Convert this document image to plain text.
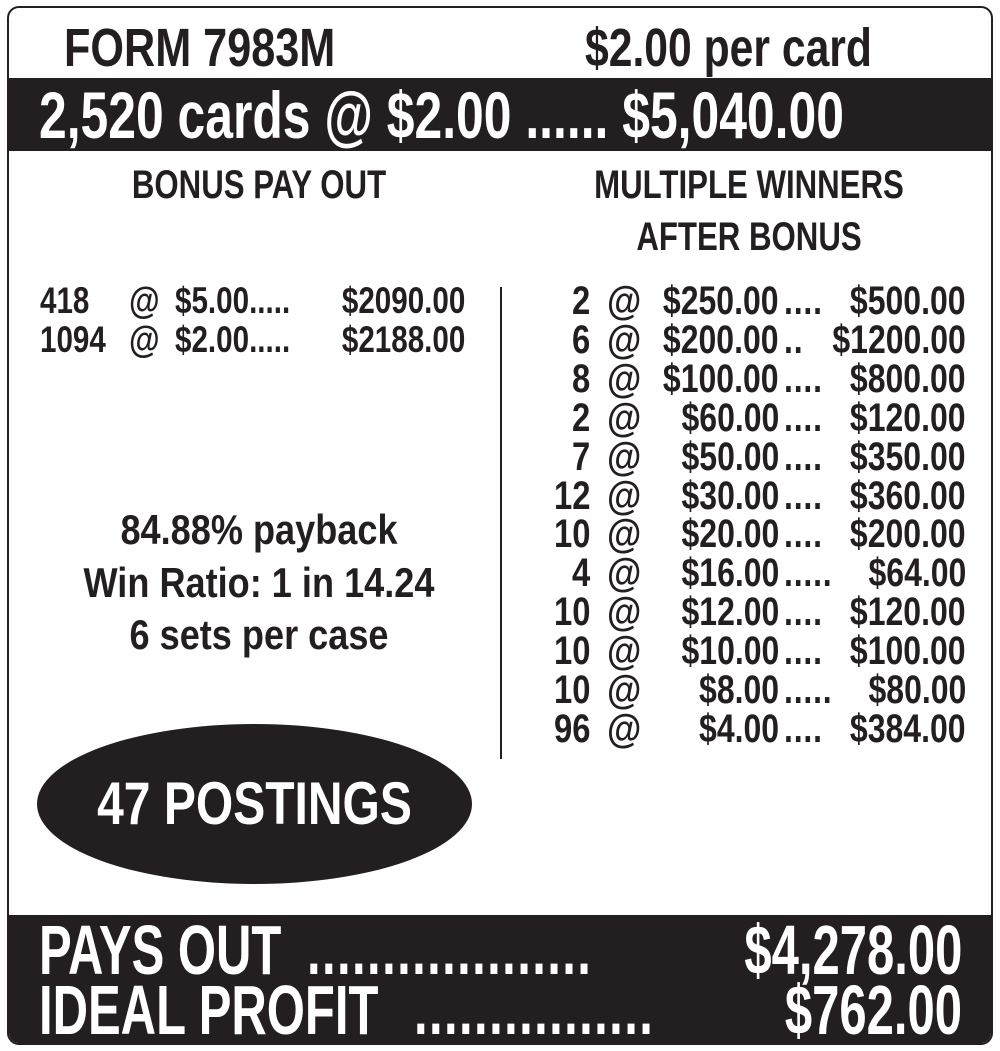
FORM 7983M	$2.00 per card
2,520 cards @ $2.00 ...... $5,040.00
BONUS PAY OUT	MULTIPLE WINNERS
AFTER BONUS
418 @ $5.00..... $2090.00
1094 @ $2.00..... $2188.00
2 @ $250.00 .... $500.00
6 @ $200.00 .. $1200.00
8 @ $100.00 .... $800.00
2 @ $60.00 .... $120.00
7 @ $50.00 .... $350.00
12 @ $30.00 .... $360.00
10 @ $20.00 .... $200.00
4 @ $16.00 ..... $64.00
10 @ $12.00 .... $120.00
10 @ $10.00 .... $100.00
10 @ $8.00 ..... $80.00
96 @ $4.00 .... $384.00
84.88% payback
Win Ratio: 1 in 14.24
6 sets per case
47 POSTINGS
PAYS OUT ................... $4,278.00
IDEAL PROFIT ................ $762.00
